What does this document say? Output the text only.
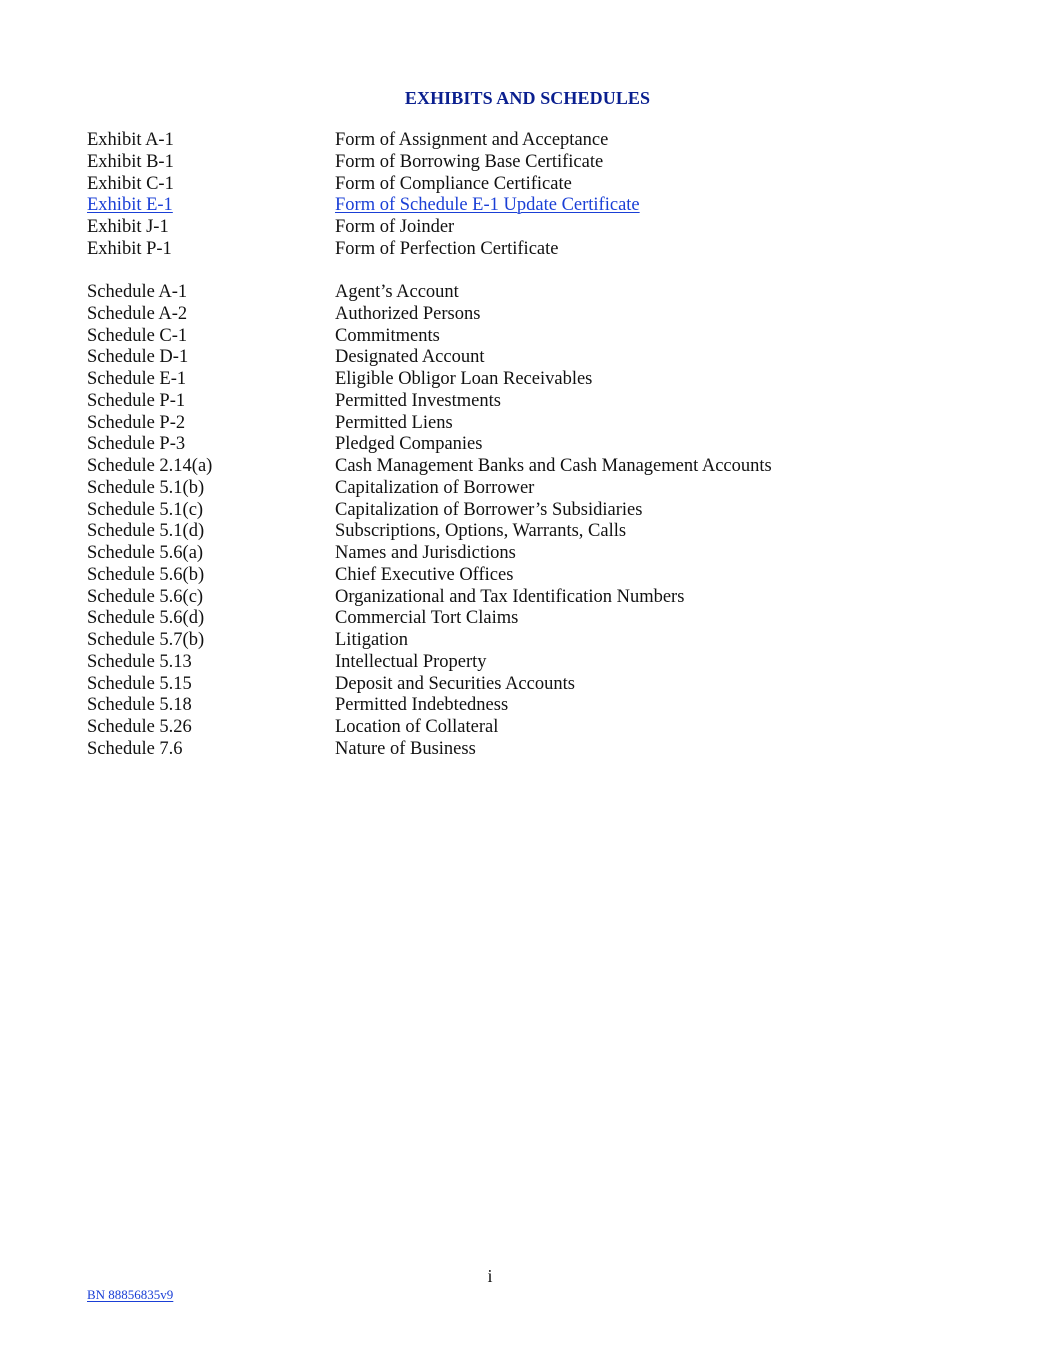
EXHIBITS AND SCHEDULES
Exhibit A-1	Form of Assignment and Acceptance
Exhibit B-1	Form of Borrowing Base Certificate
Exhibit C-1	Form of Compliance Certificate
Exhibit E-1	Form of Schedule E-1 Update Certificate
Exhibit J-1	Form of Joinder
Exhibit P-1	Form of Perfection Certificate
Schedule A-1	Agent’s Account
Schedule A-2	Authorized Persons
Schedule C-1	Commitments
Schedule D-1	Designated Account
Schedule E-1	Eligible Obligor Loan Receivables
Schedule P-1	Permitted Investments
Schedule P-2	Permitted Liens
Schedule P-3	Pledged Companies
Schedule 2.14(a)	Cash Management Banks and Cash Management Accounts
Schedule 5.1(b)	Capitalization of Borrower
Schedule 5.1(c)	Capitalization of Borrower’s Subsidiaries
Schedule 5.1(d)	Subscriptions, Options, Warrants, Calls
Schedule 5.6(a)	Names and Jurisdictions
Schedule 5.6(b)	Chief Executive Offices
Schedule 5.6(c)	Organizational and Tax Identification Numbers
Schedule 5.6(d)	Commercial Tort Claims
Schedule 5.7(b)	Litigation
Schedule 5.13	Intellectual Property
Schedule 5.15	Deposit and Securities Accounts
Schedule 5.18	Permitted Indebtedness
Schedule 5.26	Location of Collateral
Schedule 7.6	Nature of Business
i
BN 88856835v9
